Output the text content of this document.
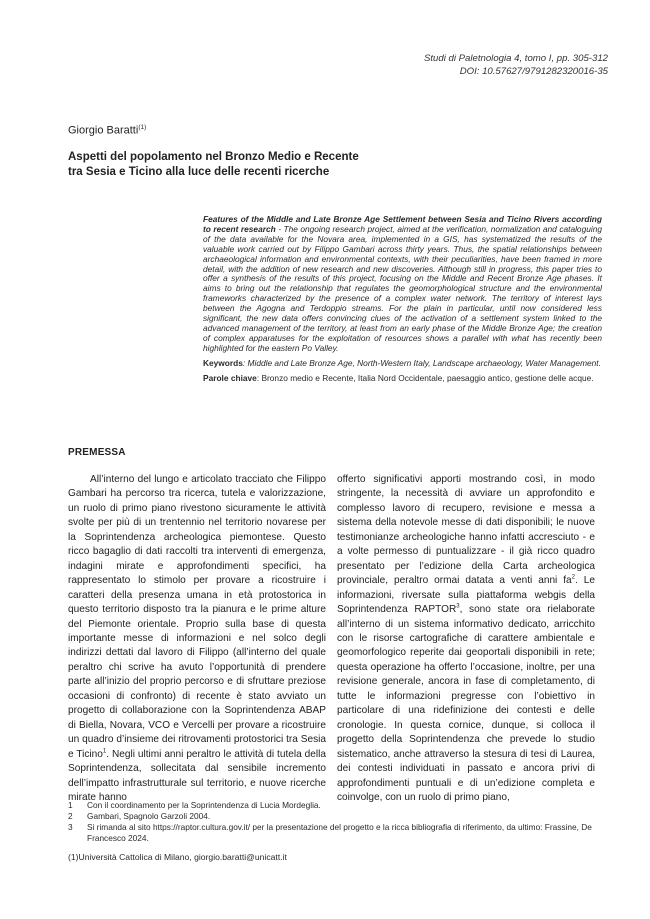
Studi di Paletnologia 4, tomo I, pp. 305-312
DOI: 10.57627/9791282320016-35
Giorgio Baratti$^{(1)}$
Aspetti del popolamento nel Bronzo Medio e Recente
tra Sesia e Ticino alla luce delle recenti ricerche

Features of the Middle and Late Bronze Age Settlement between Sesia and Ticino Rivers according to recent research - The ongoing research project, aimed at the verification, normalization and cataloguing of the data available for the Novara area, implemented in a GIS, has systematized the results of the valuable work carried out by Filippo Gambari across thirty years. Thus, the spatial relationships between archaeological information and environmental contexts, with their peculiarities, have been framed in more detail, with the addition of new research and new discoveries. Although still in progress, this paper tries to offer a synthesis of the results of this project, focusing on the Middle and Recent Bronze Age phases. It aims to bring out the relationship that regulates the geomorphological structure and the environmental frameworks characterized by the presence of a complex water network. The territory of interest lays between the Agogna and Terdoppio streams. For the plain in particular, until now considered less significant, the new data offers convincing clues of the activation of a settlement system linked to the advanced management of the territory, at least from an early phase of the Middle Bronze Age; the creation of complex apparatuses for the exploitation of resources shows a parallel with what has recently been highlighted for the eastern Po Valley.

Keywords: Middle and Late Bronze Age, North-Western Italy, Landscape archaeology, Water Management.

Parole chiave: Bronzo medio e Recente, Italia Nord Occidentale, paesaggio antico, gestione delle acque.

PREMESSA

All’interno del lungo e articolato tracciato che Filippo Gambari ha percorso tra ricerca, tutela e valorizzazione, un ruolo di primo piano rivestono sicuramente le attività svolte per più di un trentennio nel territorio novarese per la Soprintendenza archeologica piemontese. Questo ricco bagaglio di dati raccolti tra interventi di emergenza, indagini mirate e approfondimenti specifici, ha rappresentato lo stimolo per provare a ricostruire i caratteri della presenza umana in età protostorica in questo territorio disposto tra la pianura e le prime alture del Piemonte orientale. Proprio sulla base di questa importante messe di informazioni e nel solco degli indirizzi dettati dal lavoro di Filippo (all’interno del quale peraltro chi scrive ha avuto l’opportunità di prendere parte all’inizio del proprio percorso e di sfruttare preziose occasioni di confronto) di recente è stato avviato un progetto di collaborazione con la Soprintendenza ABAP di Biella, Novara, VCO e Vercelli per provare a ricostruire un quadro d’insieme dei ritrovamenti protostorici tra Sesia e Ticino$^1$. Negli ultimi anni peraltro le attività di tutela della Soprintendenza, sollecitata dal sensibile incremento dell’impatto infrastrutturale sul territorio, e nuove ricerche mirate hanno

offerto significativi apporti mostrando così, in modo stringente, la necessità di avviare un approfondito e complesso lavoro di recupero, revisione e messa a sistema della notevole messe di dati disponibili; le nuove testimonianze archeologiche hanno infatti accresciuto - e a volte permesso di puntualizzare - il già ricco quadro presentato per l’edizione della Carta archeologica provinciale, peraltro ormai datata a venti anni $fa^2$. Le informazioni, riversate sulla piattaforma webgis della Soprintendenza RAPTOR$^3$, sono state ora rielaborate all’interno di un sistema informativo dedicato, arricchito con le risorse cartografiche di carattere ambientale e geomorfologico reperite dai geoportali disponibili in rete; questa operazione ha offerto l’occasione, inoltre, per una revisione generale, ancora in fase di completamento, di tutte le informazioni pregresse con l’obiettivo in particolare di una ridefinizione dei contesti e delle cronologie. In questa cornice, dunque, si colloca il progetto della Soprintendenza che prevede lo studio sistematico, anche attraverso la stesura di tesi di Laurea, dei contesti individuati in passato e ancora privi di approfondimenti puntuali e di un’edizione completa e coinvolge, con un ruolo di primo piano,

1	Con il coordinamento per la Soprintendenza di Lucia Mordeglia.
2	Gambari, Spagnolo Garzoli 2004.
3	Si rimanda al sito https://raptor.cultura.gov.it/ per la presentazione del progetto e la ricca bibliografia di riferimento, da ultimo: Frassine, De Francesco 2024.
(1)Università Cattolica di Milano, giorgio.baratti@unicatt.it
